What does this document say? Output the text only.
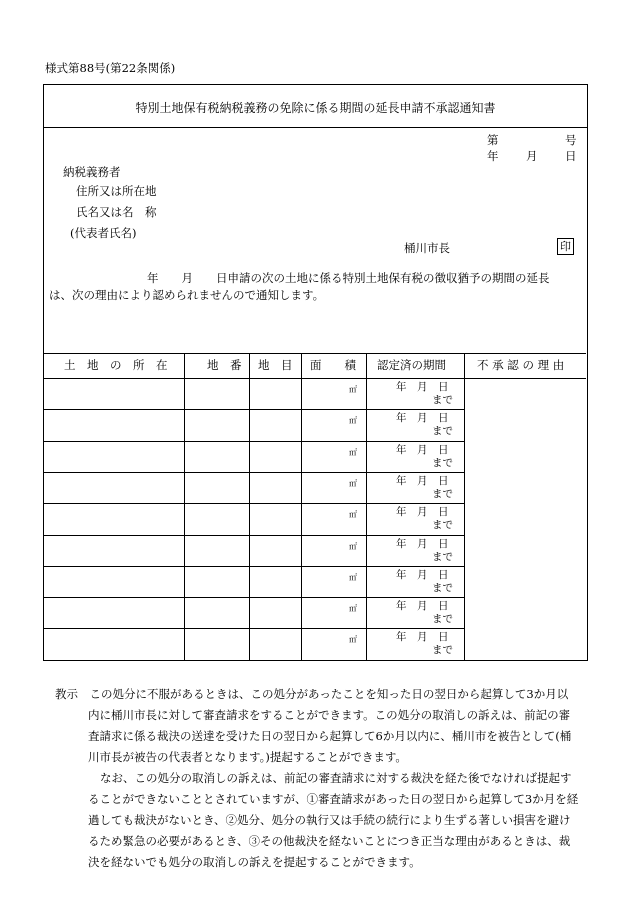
様式第88号(第22条関係)
特別土地保有税納税義務の免除に係る期間の延長申請不承認通知書
第	号
年 月 日
納税義務者
住所又は所在地
氏名又は名　称
(代表者氏名)
桶川市長	印
年　　月　　日申請の次の土地に係る特別土地保有税の徴収猶予の期間の延長
は、次の理由により認められませんので通知します。
土　地　の　所　在	地　番 地　目 面　　積 認定済の期間	不 承 認 の 理 由
㎡	年　月　日
まで
㎡	年　月　日
まで
㎡	年　月　日
まで
㎡	年　月　日
まで
㎡	年　月　日
まで
㎡	年　月　日
まで
㎡	年　月　日
まで
㎡	年　月　日
まで
㎡	年　月　日
まで

教示　この処分に不服があるときは、この処分があったことを知った日の翌日から起算して3か月以

内に桶川市長に対して審査請求をすることができます。この処分の取消しの訴えは、前記の審

査請求に係る裁決の送達を受けた日の翌日から起算して6か月以内に、桶川市を被告として(桶

川市長が被告の代表者となります。)提起することができます。

なお、この処分の取消しの訴えは、前記の審査請求に対する裁決を経た後でなければ提起す

ることができないこととされていますが、①審査請求があった日の翌日から起算して3か月を経

過しても裁決がないとき、②処分、処分の執行又は手続の続行により生ずる著しい損害を避け

るため緊急の必要があるとき、③その他裁決を経ないことにつき正当な理由があるときは、裁

決を経ないでも処分の取消しの訴えを提起することができます。
